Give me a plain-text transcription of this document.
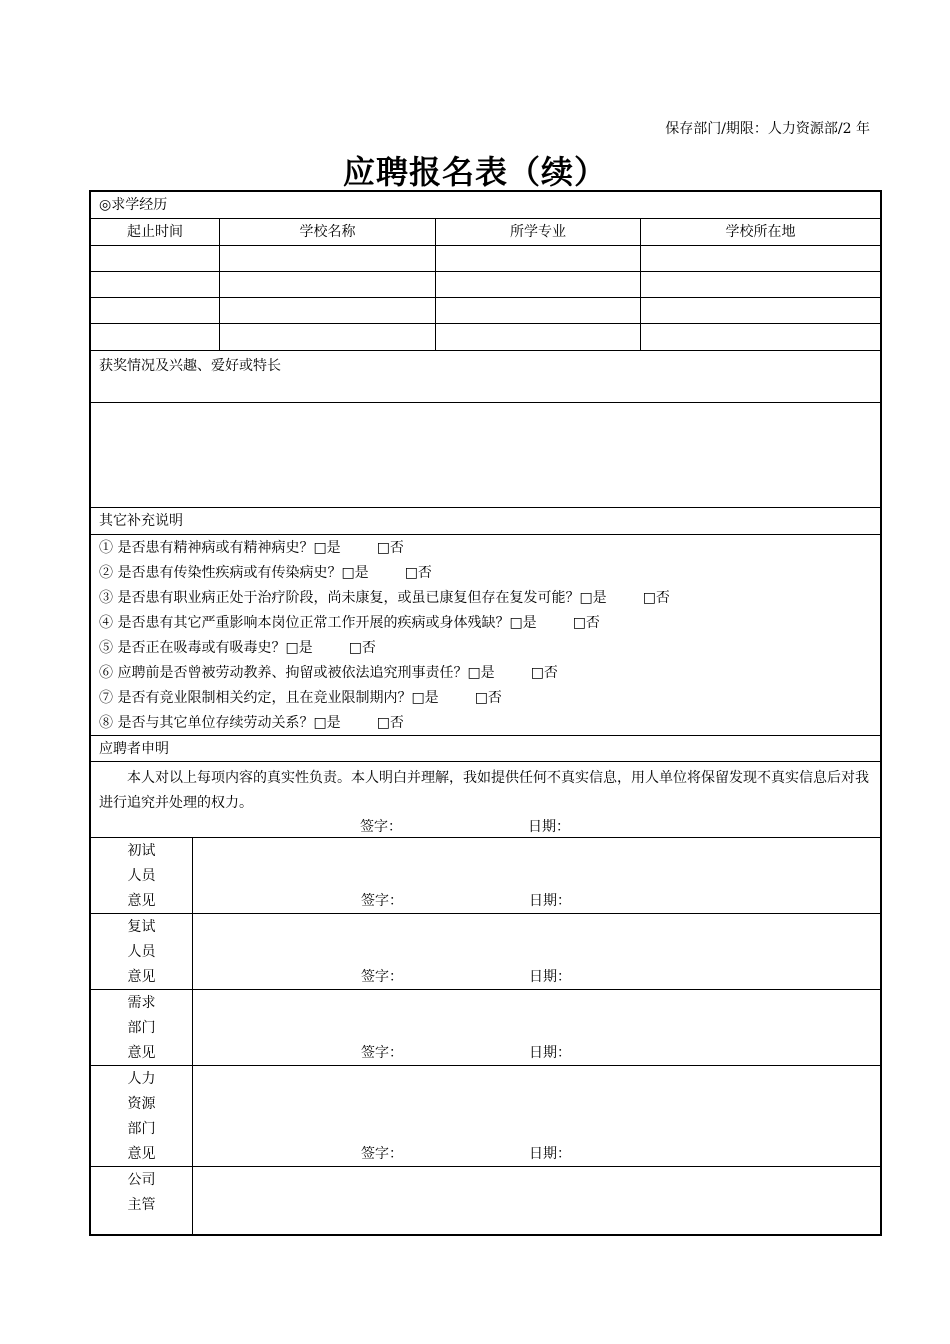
保存部门/期限：人力资源部/2 年
应聘报名表（续）
◎求学经历
起止时间	学校名称	所学专业	学校所在地
获奖情况及兴趣、爱好或特长
其它补充说明
① 是否患有精神病或有精神病史？□是	□否
② 是否患有传染性疾病或有传染病史？□是	□否
③ 是否患有职业病正处于治疗阶段，尚未康复，或虽已康复但存在复发可能？□是	□否
④ 是否患有其它严重影响本岗位正常工作开展的疾病或身体残缺？□是	□否
⑤ 是否正在吸毒或有吸毒史？□是	□否
⑥ 应聘前是否曾被劳动教养、拘留或被依法追究刑事责任？□是	□否
⑦ 是否有竞业限制相关约定，且在竞业限制期内？□是	□否
⑧ 是否与其它单位存续劳动关系？□是	□否
应聘者申明
本人对以上每项内容的真实性负责。本人明白并理解，我如提供任何不真实信息，用人单位将保留发现不真实信息后对我进行追究并处理的权力。
签字：	日期：
初试
人员
意见	签字：	日期：
复试
人员
意见	签字：	日期：
需求
部门
意见	签字：	日期：
人力
资源
部门
意见	签字：	日期：
公司
主管
